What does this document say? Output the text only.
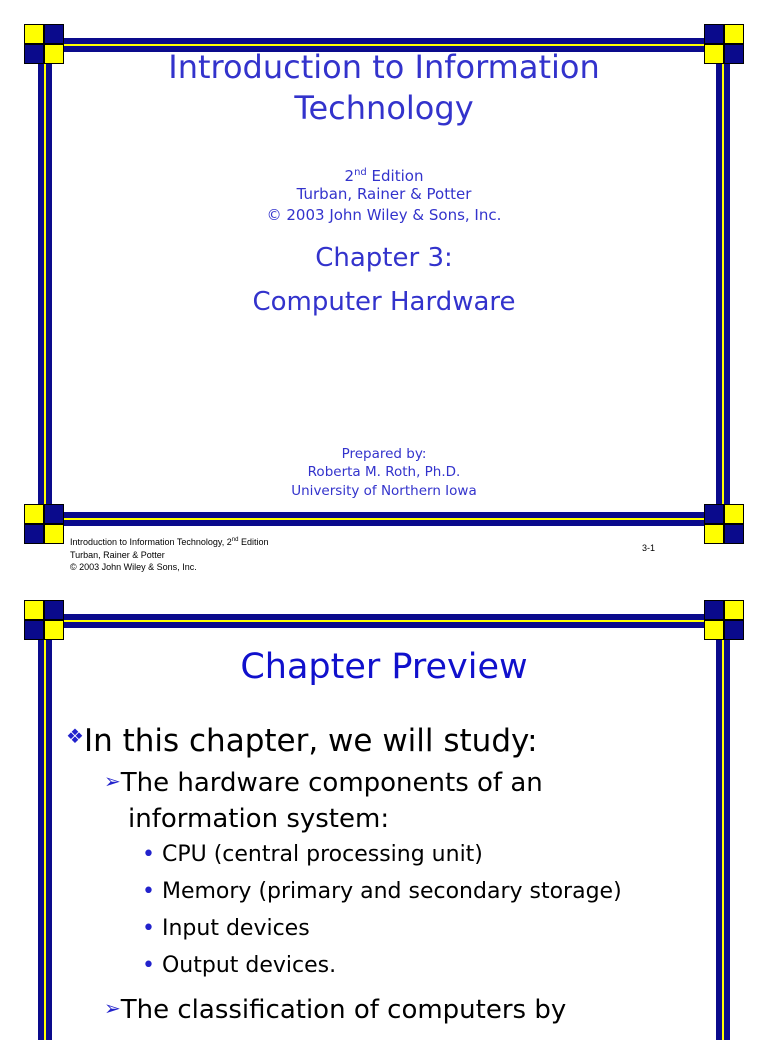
Introduction to Information
Technology
2nd Edition
Turban, Rainer & Potter
© 2003 John Wiley & Sons, Inc.
Chapter 3:
Computer Hardware
Prepared by:
Roberta M. Roth, Ph.D.
University of Northern Iowa
Introduction to Information Technology, 2nd Edition
Turban, Rainer & Potter
© 2003 John Wiley & Sons, Inc.
3-1
Chapter Preview
❖In this chapter, we will study:
➢The hardware components of an
information system:
• CPU (central processing unit)
• Memory (primary and secondary storage)
• Input devices
• Output devices.
➢The classification of computers by
